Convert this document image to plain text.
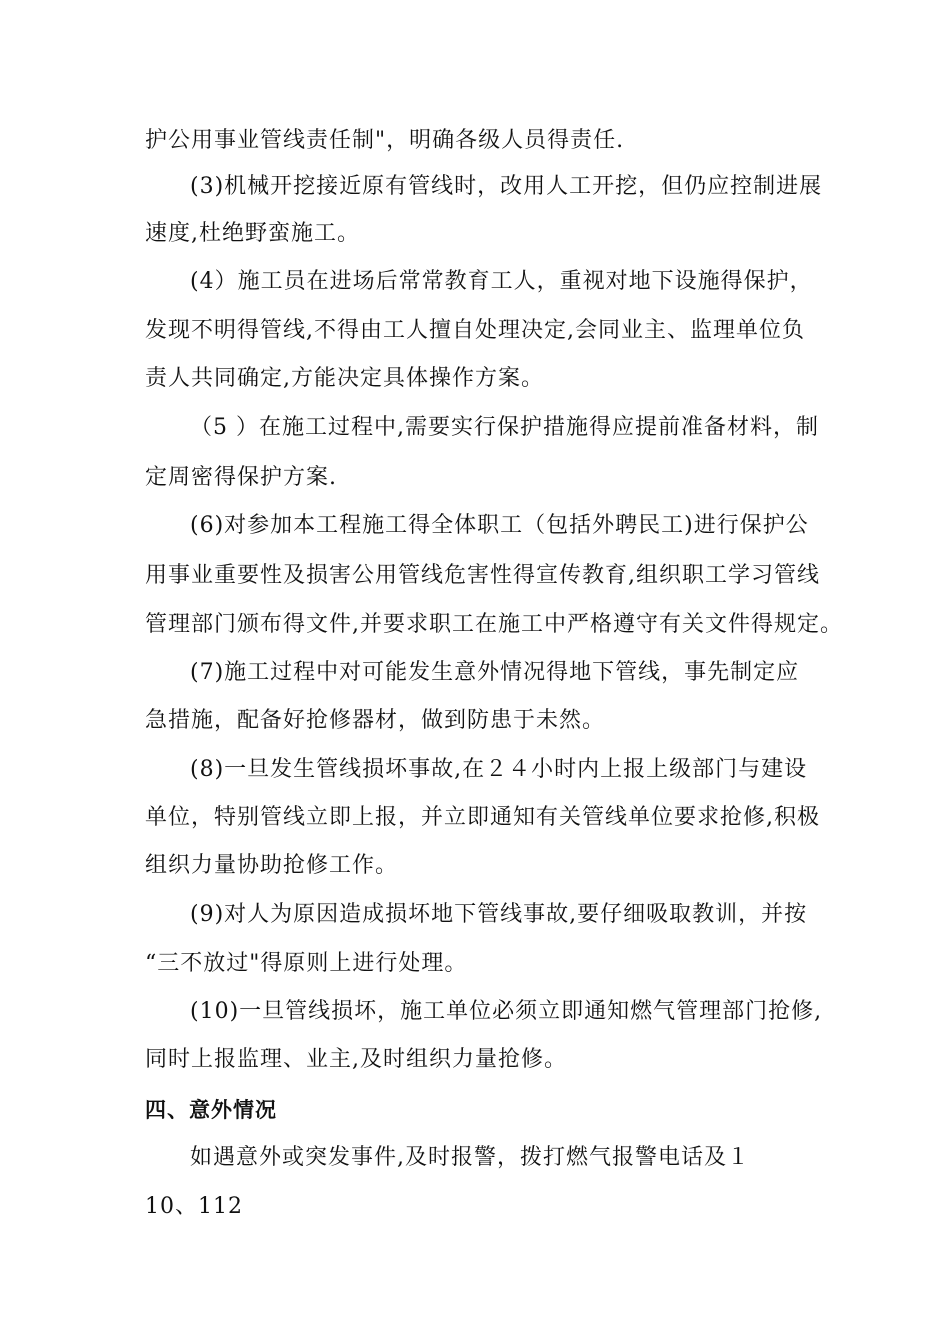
护公用事业管线责任制"，明确各级人员得责任.
(3)机械开挖接近原有管线时，改用人工开挖，但仍应控制进展
速度,杜绝野蛮施工。
(4）施工员在进场后常常教育工人，重视对地下设施得保护，
发现不明得管线,不得由工人擅自处理决定,会同业主、监理单位负
责人共同确定,方能决定具体操作方案。
（5 ）在施工过程中,需要实行保护措施得应提前准备材料，制
定周密得保护方案.
(6)对参加本工程施工得全体职工（包括外聘民工)进行保护公
用事业重要性及损害公用管线危害性得宣传教育,组织职工学习管线
管理部门颁布得文件,并要求职工在施工中严格遵守有关文件得规定。
(7)施工过程中对可能发生意外情况得地下管线，事先制定应
急措施，配备好抢修器材，做到防患于未然。
(8)一旦发生管线损坏事故,在２４小时内上报上级部门与建设
单位，特别管线立即上报，并立即通知有关管线单位要求抢修,积极
组织力量协助抢修工作。
(9)对人为原因造成损坏地下管线事故,要仔细吸取教训，并按
“三不放过"得原则上进行处理。
(10)一旦管线损坏，施工单位必须立即通知燃气管理部门抢修,
同时上报监理、业主,及时组织力量抢修。
四、意外情况
如遇意外或突发事件,及时报警，拨打燃气报警电话及１
10、112
